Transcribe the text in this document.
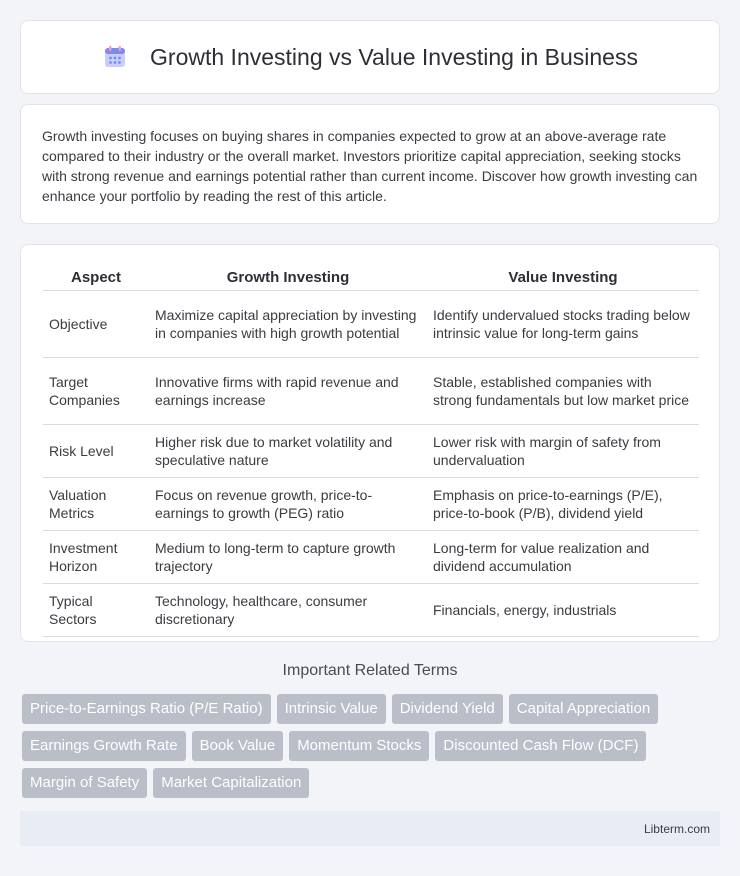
Growth Investing vs Value Investing in Business

Growth investing focuses on buying shares in companies expected to grow at an above-average rate compared to their industry or the overall market. Investors prioritize capital appreciation, seeking stocks with strong revenue and earnings potential rather than current income. Discover how growth investing can enhance your portfolio by reading the rest of this article.

Aspect	Growth Investing	Value Investing
Objective	Maximize capital appreciation by investing in companies with high growth potential	Identify undervalued stocks trading below intrinsic value for long-term gains
Target Companies	Innovative firms with rapid revenue and earnings increase	Stable, established companies with strong fundamentals but low market price
Risk Level	Higher risk due to market volatility and speculative nature	Lower risk with margin of safety from undervaluation
Valuation Metrics	Focus on revenue growth, price-to-earnings to growth (PEG) ratio	Emphasis on price-to-earnings (P/E), price-to-book (P/B), dividend yield
Investment Horizon	Medium to long-term to capture growth trajectory	Long-term for value realization and dividend accumulation
Typical Sectors	Technology, healthcare, consumer discretionary	Financials, energy, industrials
Important Related Terms
Price-to-Earnings Ratio (P/E Ratio)	Intrinsic Value	Dividend Yield	Capital Appreciation
Earnings Growth Rate	Book Value	Momentum Stocks	Discounted Cash Flow (DCF)
Margin of Safety	Market Capitalization
Libterm.com
